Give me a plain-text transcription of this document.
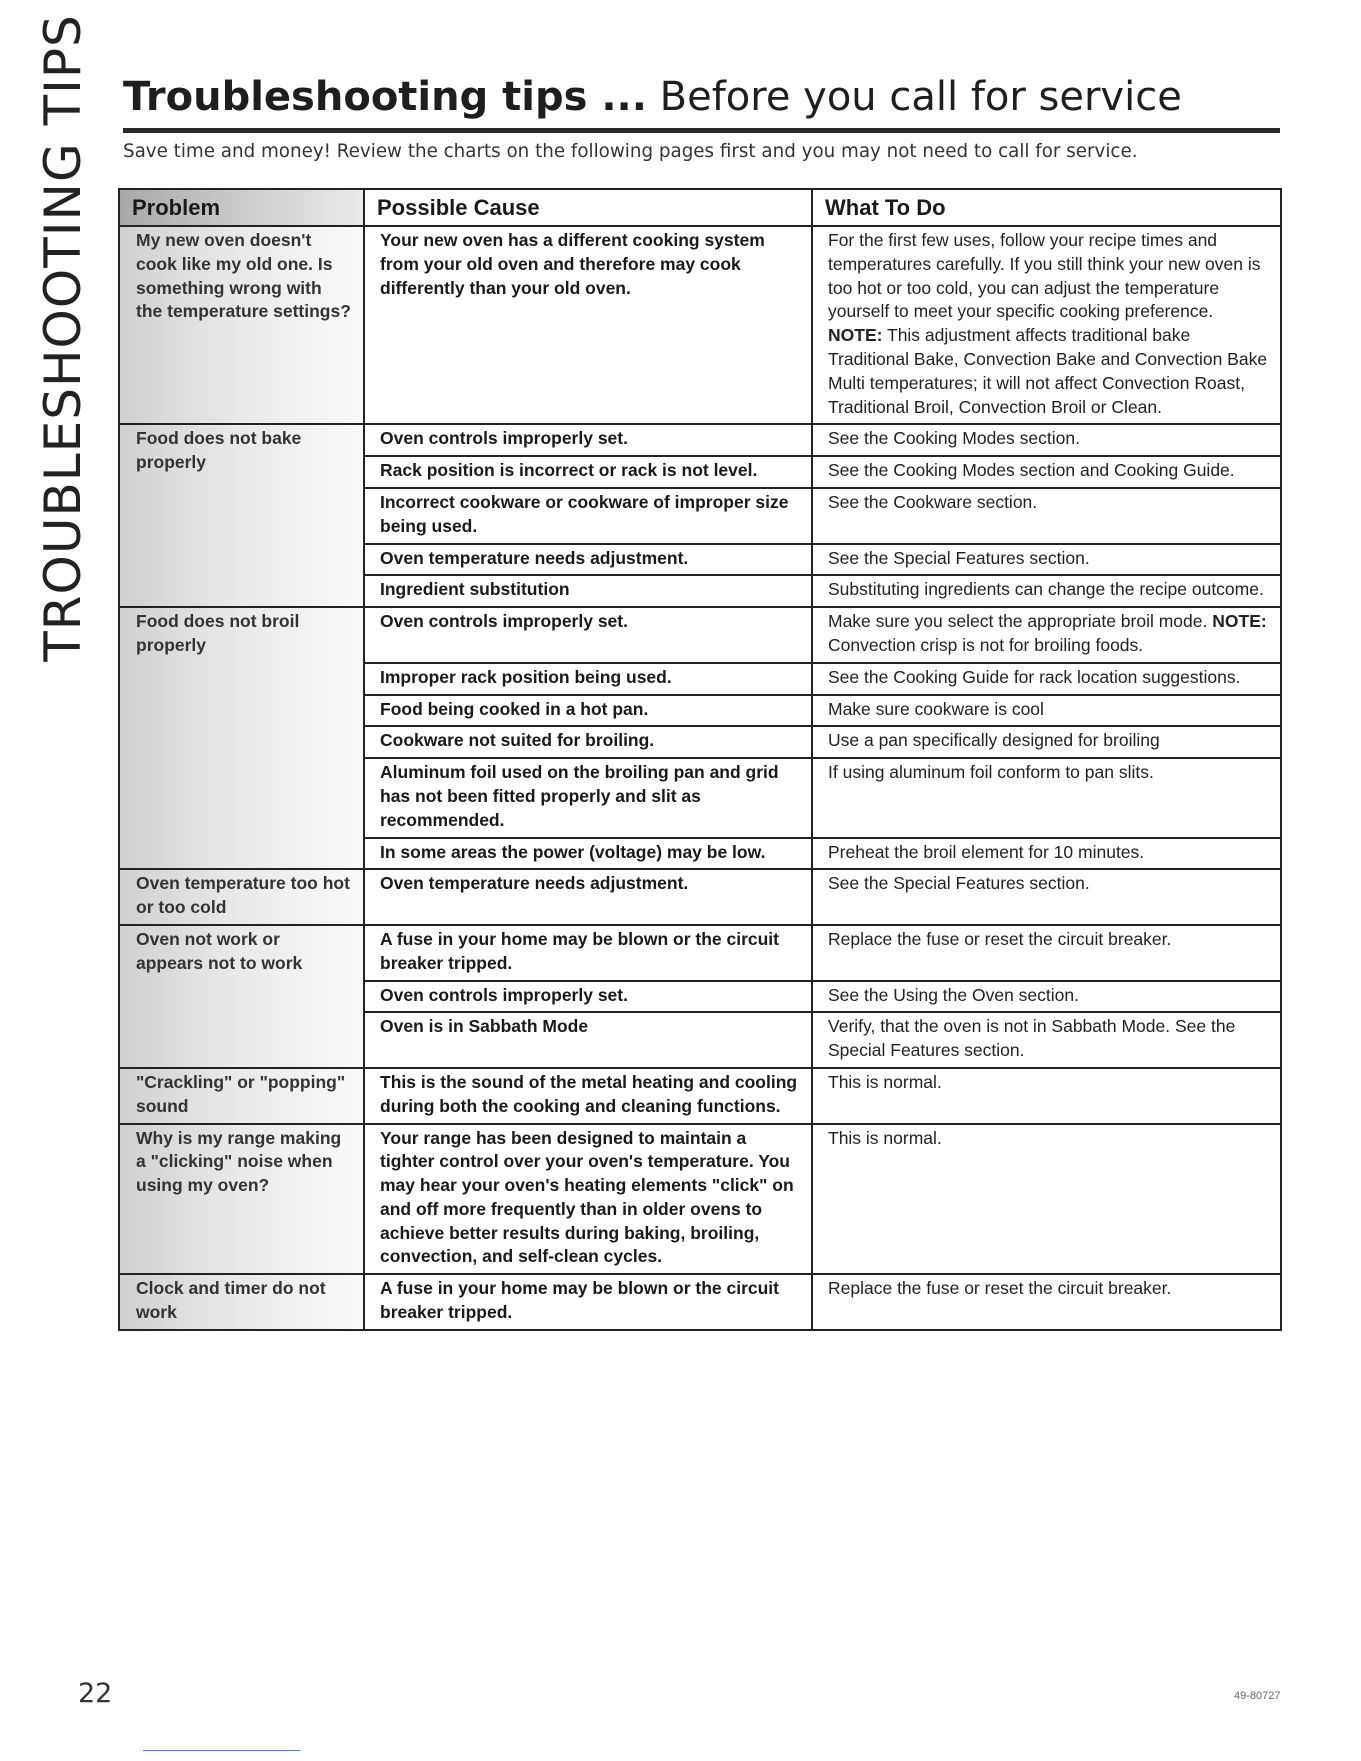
TROUBLESHOOTING TIPS Troubleshooting tips ... Before you call for service
Save time and money! Review the charts on the following pages first and you may not need to call for service.
Problem	Possible Cause	What To Do
My new oven doesn't cook like my old one. Is something wrong with the temperature settings?	Your new oven has a different cooking system from your old oven and therefore may cook differently than your old oven.	For the first few uses, follow your recipe times and temperatures carefully. If you still think your new oven is too hot or too cold, you can adjust the temperature yourself to meet your specific cooking preference. NOTE: This adjustment affects traditional bake Traditional Bake, Convection Bake and Convection Bake Multi temperatures; it will not affect Convection Roast, Traditional Broil, Convection Broil or Clean.
Food does not bake properly	Oven controls improperly set.	See the Cooking Modes section.
	Rack position is incorrect or rack is not level.	See the Cooking Modes section and Cooking Guide.
	Incorrect cookware or cookware of improper size being used.	See the Cookware section.
	Oven temperature needs adjustment.	See the Special Features section.
	Ingredient substitution	Substituting ingredients can change the recipe outcome.
Food does not broil properly	Oven controls improperly set.	Make sure you select the appropriate broil mode. NOTE: Convection crisp is not for broiling foods.
	Improper rack position being used.	See the Cooking Guide for rack location suggestions.
	Food being cooked in a hot pan.	Make sure cookware is cool
	Cookware not suited for broiling.	Use a pan specifically designed for broiling
	Aluminum foil used on the broiling pan and grid has not been fitted properly and slit as recommended.	If using aluminum foil conform to pan slits.
	In some areas the power (voltage) may be low.	Preheat the broil element for 10 minutes.
Oven temperature too hot or too cold	Oven temperature needs adjustment.	See the Special Features section.
Oven not work or appears not to work	A fuse in your home may be blown or the circuit breaker tripped.	Replace the fuse or reset the circuit breaker.
	Oven controls improperly set.	See the Using the Oven section.
	Oven is in Sabbath Mode	Verify, that the oven is not in Sabbath Mode. See the Special Features section.
"Crackling" or "popping" sound	This is the sound of the metal heating and cooling during both the cooking and cleaning functions.	This is normal.
Why is my range making a "clicking" noise when using my oven?	Your range has been designed to maintain a tighter control over your oven's temperature. You may hear your oven's heating elements "click" on and off more frequently than in older ovens to achieve better results during baking, broiling, convection, and self-clean cycles.	This is normal.
Clock and timer do not work	A fuse in your home may be blown or the circuit breaker tripped.	Replace the fuse or reset the circuit breaker.
22	49-80727
